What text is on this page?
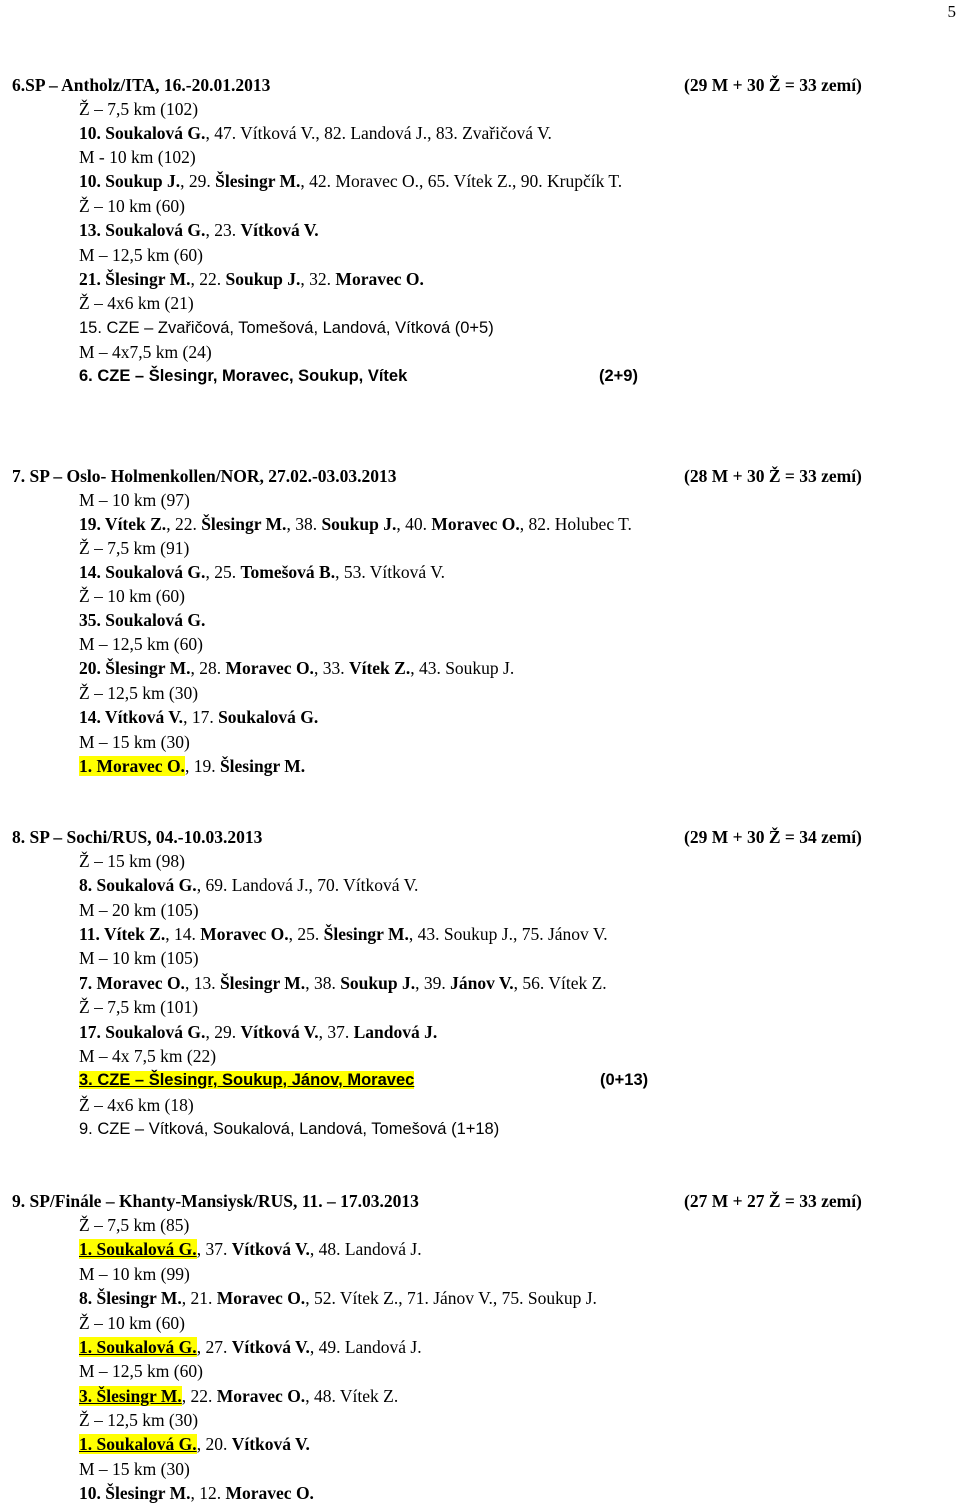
5
6.SP – Antholz/ITA, 16.-20.01.2013	(29 M + 30 Ž = 33 zemí)
Ž – 7,5 km (102)
10. Soukalová G., 47. Vítková V., 82. Landová J., 83. Zvařičová V.
M - 10 km (102)
10. Soukup J., 29. Šlesingr M., 42. Moravec O., 65. Vítek Z., 90. Krupčík T.
Ž – 10 km (60)
13. Soukalová G., 23. Vítková V.
M – 12,5 km (60)
21. Šlesingr M., 22. Soukup J., 32. Moravec O.
Ž – 4x6 km (21)
15. CZE – Zvařičová, Tomešová, Landová, Vítková (0+5)
M – 4x7,5 km (24)
6. CZE – Šlesingr, Moravec, Soukup, Vítek	(2+9)
7. SP – Oslo- Holmenkollen/NOR, 27.02.-03.03.2013	(28 M + 30 Ž = 33 zemí)
M – 10 km (97)
19. Vítek Z., 22. Šlesingr M., 38. Soukup J., 40. Moravec O., 82. Holubec T.
Ž – 7,5 km (91)
14. Soukalová G., 25. Tomešová B., 53. Vítková V.
Ž – 10 km (60)
35. Soukalová G.
M – 12,5 km (60)
20. Šlesingr M., 28. Moravec O., 33. Vítek Z., 43. Soukup J.
Ž – 12,5 km (30)
14. Vítková V., 17. Soukalová G.
M – 15 km (30)
1. Moravec O., 19. Šlesingr M.
8. SP – Sochi/RUS, 04.-10.03.2013	(29 M + 30 Ž = 34 zemí)
Ž – 15 km (98)
8. Soukalová G., 69. Landová J., 70. Vítková V.
M – 20 km (105)
11. Vítek Z., 14. Moravec O., 25. Šlesingr M., 43. Soukup J., 75. Jánov V.
M – 10 km (105)
7. Moravec O., 13. Šlesingr M., 38. Soukup J., 39. Jánov V., 56. Vítek Z.
Ž – 7,5 km (101)
17. Soukalová G., 29. Vítková V., 37. Landová J.
M – 4x 7,5 km (22)
3. CZE – Šlesingr, Soukup, Jánov, Moravec	(0+13)
Ž – 4x6 km (18)
9. CZE – Vítková, Soukalová, Landová, Tomešová (1+18)
9. SP/Finále – Khanty-Mansiysk/RUS, 11. – 17.03.2013	(27 M + 27 Ž = 33 zemí)
Ž – 7,5 km (85)
1. Soukalová G., 37. Vítková V., 48. Landová J.
M – 10 km (99)
8. Šlesingr M., 21. Moravec O., 52. Vítek Z., 71. Jánov V., 75. Soukup J.
Ž – 10 km (60)
1. Soukalová G., 27. Vítková V., 49. Landová J.
M – 12,5 km (60)
3. Šlesingr M., 22. Moravec O., 48. Vítek Z.
Ž – 12,5 km (30)
1. Soukalová G., 20. Vítková V.
M – 15 km (30)
10. Šlesingr M., 12. Moravec O.
